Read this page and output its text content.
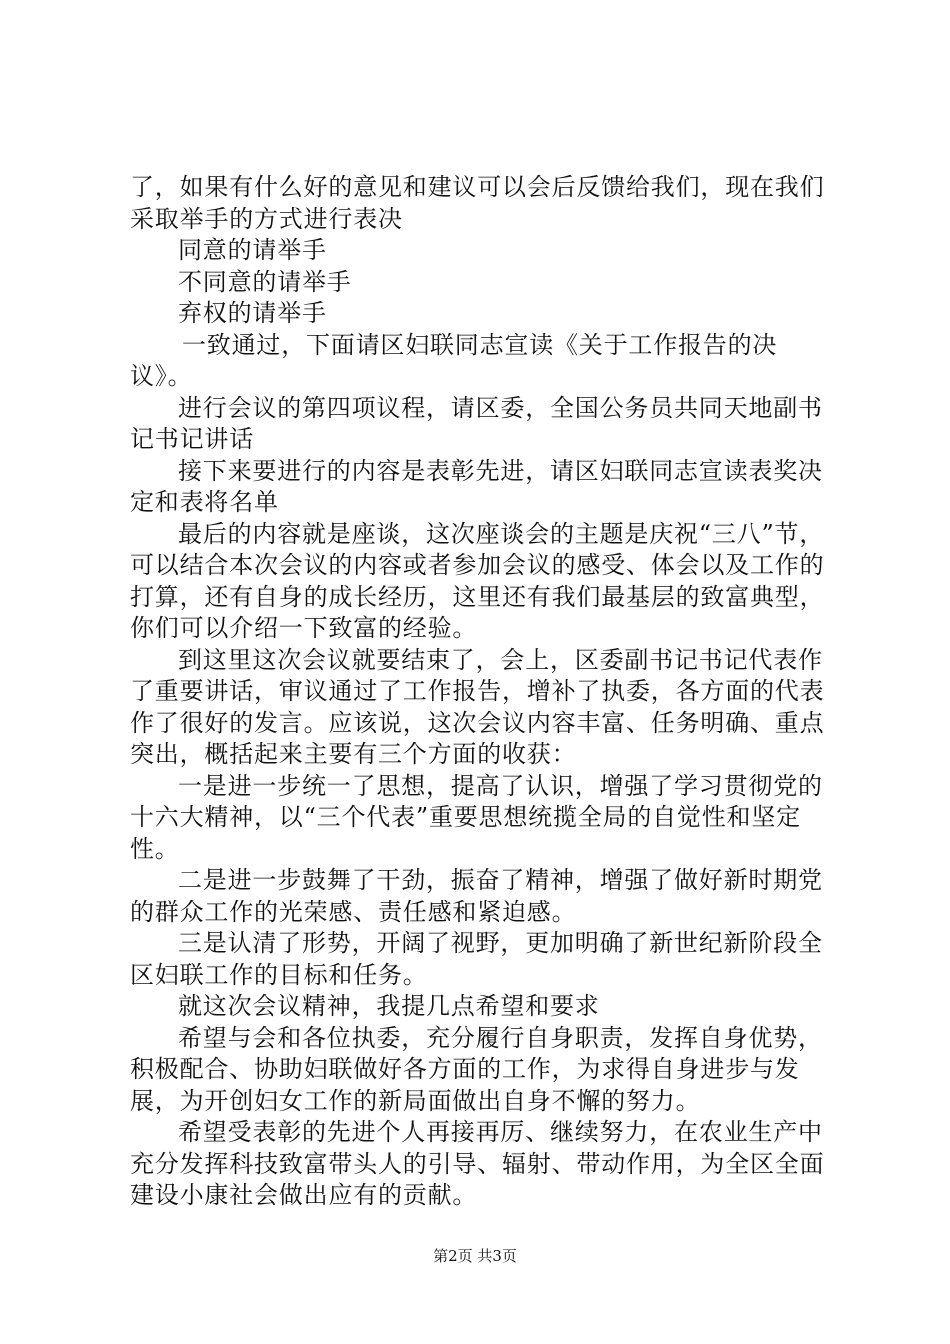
了，如果有什么好的意见和建议可以会后反馈给我们，现在我们采取举手的方式进行表决

同意的请举手

不同意的请举手

弃权的请举手

一致通过，下面请区妇联同志宣读《关于工作报告的决议》。

进行会议的第四项议程，请区委，全国公务员共同天地副书记书记讲话

接下来要进行的内容是表彰先进，请区妇联同志宣读表奖决定和表将名单

最后的内容就是座谈，这次座谈会的主题是庆祝“三八”节，可以结合本次会议的内容或者参加会议的感受、体会以及工作的打算，还有自身的成长经历，这里还有我们最基层的致富典型，你们可以介绍一下致富的经验。

到这里这次会议就要结束了，会上，区委副书记书记代表作了重要讲话，审议通过了工作报告，增补了执委，各方面的代表作了很好的发言。应该说，这次会议内容丰富、任务明确、重点突出，概括起来主要有三个方面的收获：

一是进一步统一了思想，提高了认识，增强了学习贯彻党的十六大精神，以“三个代表”重要思想统揽全局的自觉性和坚定性。

二是进一步鼓舞了干劲，振奋了精神，增强了做好新时期党的群众工作的光荣感、责任感和紧迫感。

三是认清了形势，开阔了视野，更加明确了新世纪新阶段全区妇联工作的目标和任务。

就这次会议精神，我提几点希望和要求

希望与会和各位执委，充分履行自身职责，发挥自身优势，积极配合、协助妇联做好各方面的工作，为求得自身进步与发展，为开创妇女工作的新局面做出自身不懈的努力。

希望受表彰的先进个人再接再厉、继续努力，在农业生产中充分发挥科技致富带头人的引导、辐射、带动作用，为全区全面建设小康社会做出应有的贡献。

第2页 共3页
